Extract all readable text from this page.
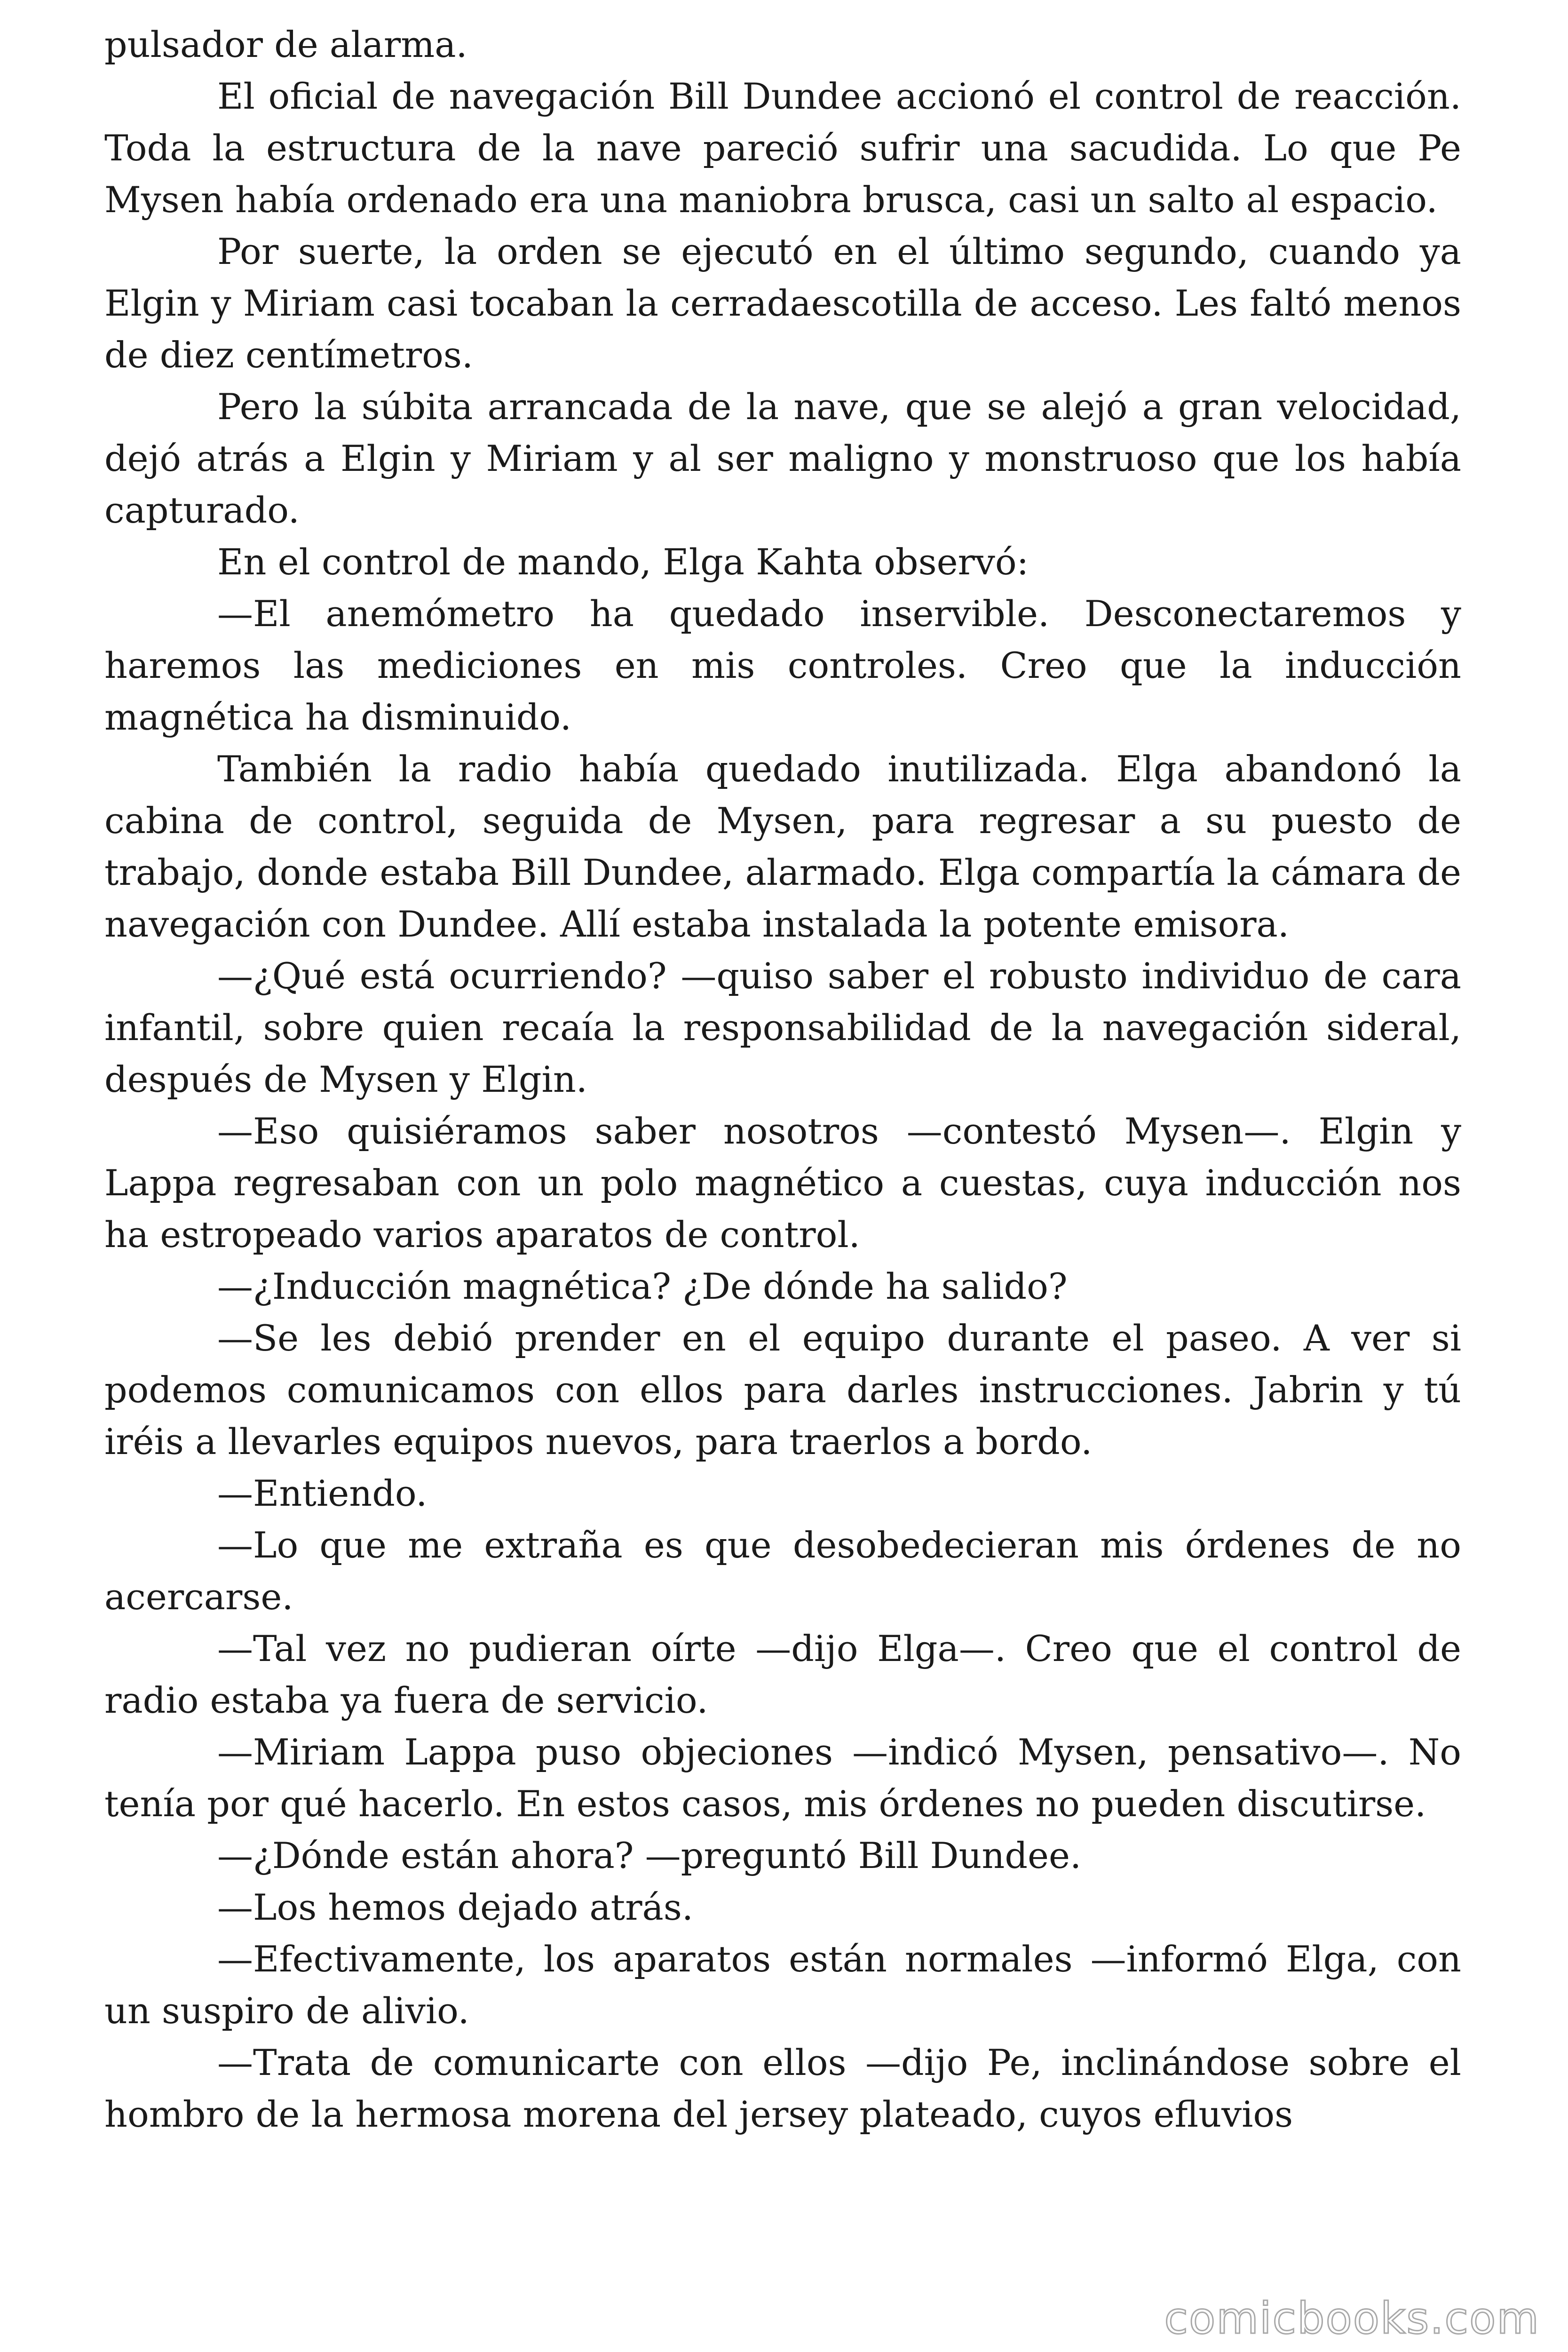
pulsador de alarma.

El oficial de navegación Bill Dundee accionó el control de reacción. Toda la estructura de la nave pareció sufrir una sacudida. Lo que Pe Mysen había ordenado era una maniobra brusca, casi un salto al espacio.

Por suerte, la orden se ejecutó en el último segundo, cuando ya Elgin y Miriam casi tocaban la cerradaescotilla de acceso. Les faltó menos de diez centímetros.

Pero la súbita arrancada de la nave, que se alejó a gran velocidad, dejó atrás a Elgin y Miriam y al ser maligno y monstruoso que los había capturado.

En el control de mando, Elga Kahta observó:

—El anemómetro ha quedado inservible. Desconectaremos y haremos las mediciones en mis controles. Creo que la inducción magnética ha disminuido.

También la radio había quedado inutilizada. Elga abandonó la cabina de control, seguida de Mysen, para regresar a su puesto de trabajo, donde estaba Bill Dundee, alarmado. Elga compartía la cámara de navegación con Dundee. Allí estaba instalada la potente emisora.

—¿Qué está ocurriendo? —quiso saber el robusto individuo de cara infantil, sobre quien recaía la responsabilidad de la navegación sideral, después de Mysen y Elgin.

—Eso quisiéramos saber nosotros —contestó Mysen—. Elgin y Lappa regresaban con un polo magnético a cuestas, cuya inducción nos ha estropeado varios aparatos de control.

—¿Inducción magnética? ¿De dónde ha salido?

—Se les debió prender en el equipo durante el paseo. A ver si podemos comunicamos con ellos para darles instrucciones. Jabrin y tú iréis a llevarles equipos nuevos, para traerlos a bordo.

—Entiendo.

—Lo que me extraña es que desobedecieran mis órdenes de no acercarse.

—Tal vez no pudieran oírte —dijo Elga—. Creo que el control de radio estaba ya fuera de servicio.

—Miriam Lappa puso objeciones —indicó Mysen, pensativo—. No tenía por qué hacerlo. En estos casos, mis órdenes no pueden discutirse.

—¿Dónde están ahora? —preguntó Bill Dundee.

—Los hemos dejado atrás.

—Efectivamente, los aparatos están normales —informó Elga, con un suspiro de alivio.

—Trata de comunicarte con ellos —dijo Pe, inclinándose sobre el hombro de la hermosa morena del jersey plateado, cuyos efluvios

comicbooks.com
